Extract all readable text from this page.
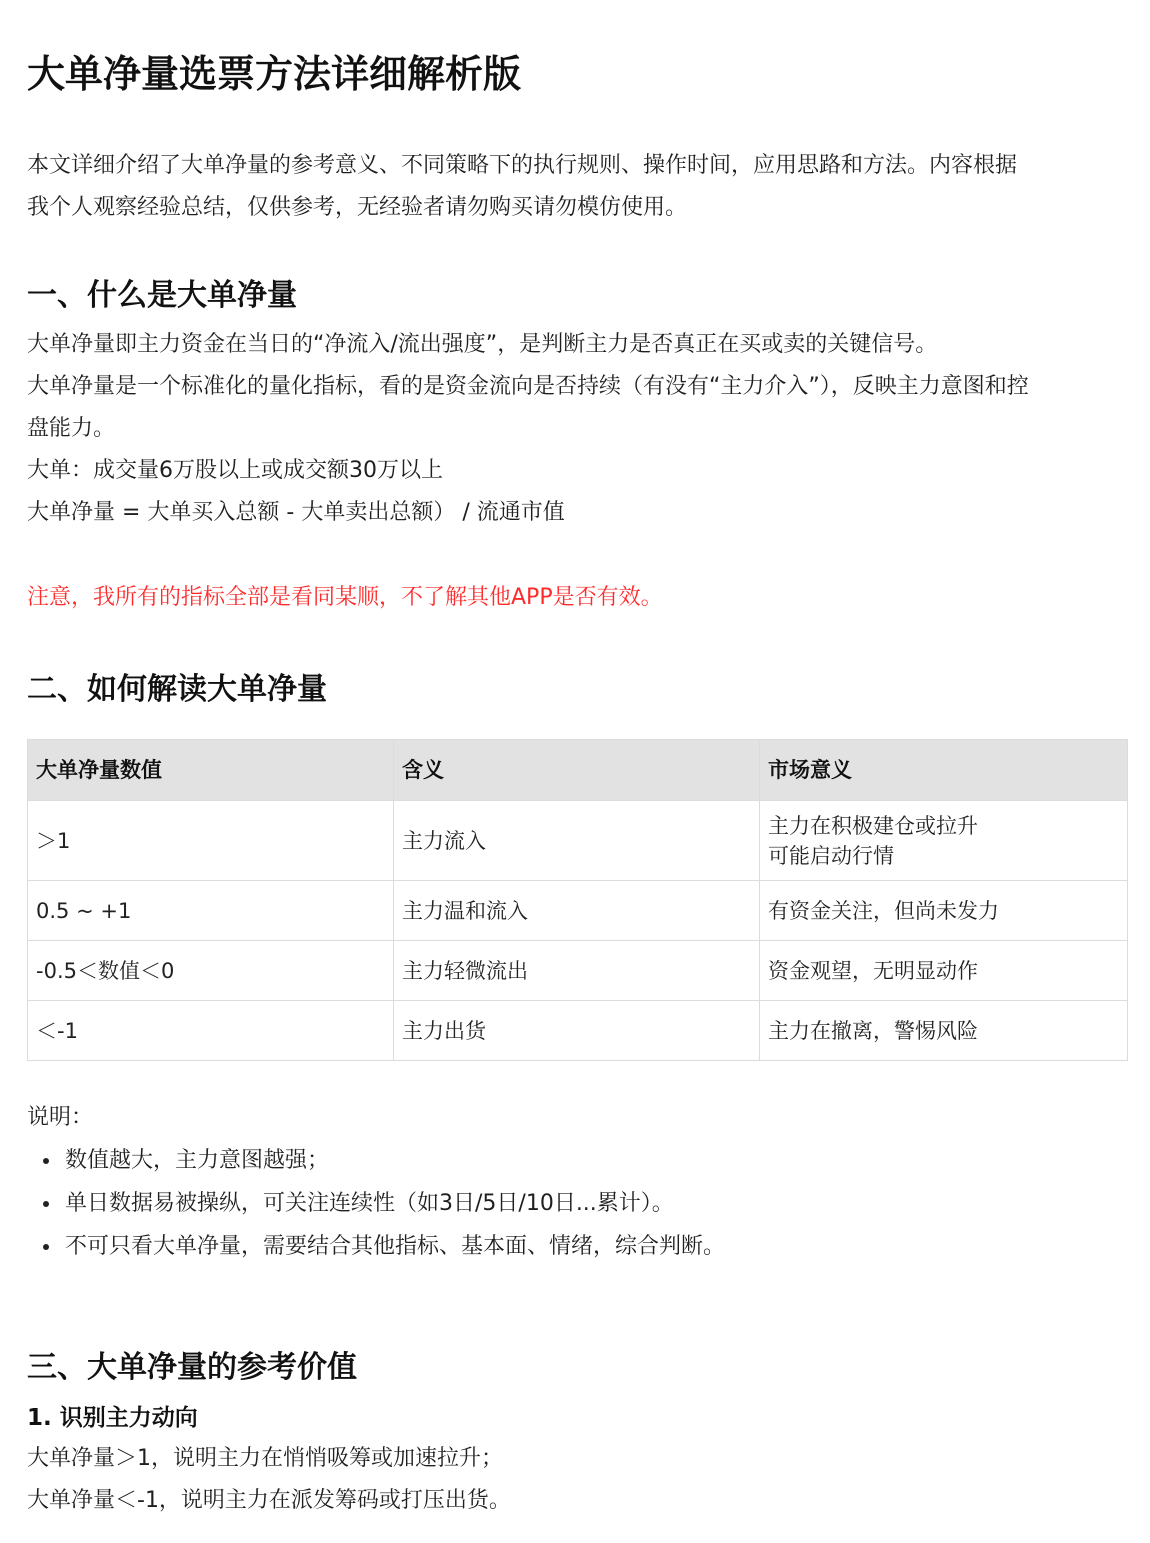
大单净量选票方法详细解析版

本文详细介绍了大单净量的参考意义、不同策略下的执行规则、操作时间，应用思路和方法。内容根据

我个人观察经验总结，仅供参考，无经验者请勿购买请勿模仿使用。

一、什么是大单净量

大单净量即主力资金在当日的“净流入/流出强度”，是判断主力是否真正在买或卖的关键信号。

大单净量是一个标准化的量化指标，看的是资金流向是否持续（有没有“主力介入”），反映主力意图和控

盘能力。

大单：成交量6万股以上或成交额30万以上

大单净量 = 大单买入总额 - 大单卖出总额） / 流通市值

注意，我所有的指标全部是看同某顺，不了解其他APP是否有效。

二、如何解读大单净量
大单净量数值	含义	市场意义
＞1	主力流入	主力在积极建仓或拉升
可能启动行情

0.5 ~ +1	主力温和流入	有资金关注，但尚未发力
-0.5＜数值＜0	主力轻微流出	资金观望，无明显动作
＜-1	主力出货	主力在撤离，警惕风险

说明：

数值越大，主力意图越强；
单日数据易被操纵，可关注连续性（如3日/5日/10日...累计）。
不可只看大单净量，需要结合其他指标、基本面、情绪，综合判断。
三、大单净量的参考价值
1. 识别主力动向

大单净量＞1，说明主力在悄悄吸筹或加速拉升；

大单净量＜-1，说明主力在派发筹码或打压出货。
